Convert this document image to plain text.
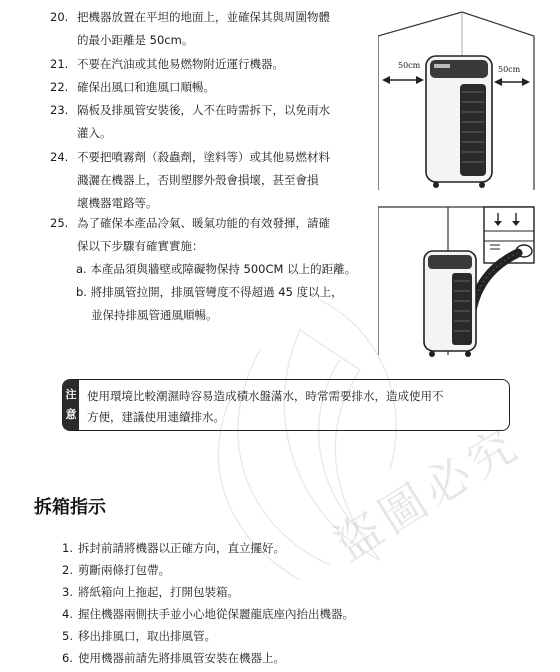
盜圖必究
20. 把機器放置在平坦的地面上，並確保其與周圍物體
的最小距離是 50cm。
21. 不要在汽油或其他易燃物附近運行機器。
22. 確保出風口和進風口順暢。
23. 隔板及排風管安裝後，人不在時需拆下，以免雨水
灌入。
24. 不要把噴霧劑（殺蟲劑，塗料等）或其他易燃材料
濺灑在機器上，否則塑膠外殼會損壞，甚至會損
壞機器電路等。
25. 為了確保本產品冷氣、暖氣功能的有效發揮，請確
保以下步驟有確實實施：
a. 本產品須與牆壁或障礙物保持 500CM 以上的距離。
b. 將排風管拉開，排風管彎度不得超過 45 度以上，
並保持排風管通風順暢。
50cm	50cm
注
意
使用環境比較潮濕時容易造成積水盤滿水，時常需要排水，造成使用不
方便，建議使用連續排水。
拆箱指示
1. 拆封前請將機器以正確方向，直立擺好。
2. 剪斷兩條打包帶。
3. 將紙箱向上拖起，打開包裝箱。
4. 握住機器兩側扶手並小心地從保麗龍底座內抬出機器。
5. 移出排風口，取出排風管。
6. 使用機器前請先將排風管安裝在機器上。
